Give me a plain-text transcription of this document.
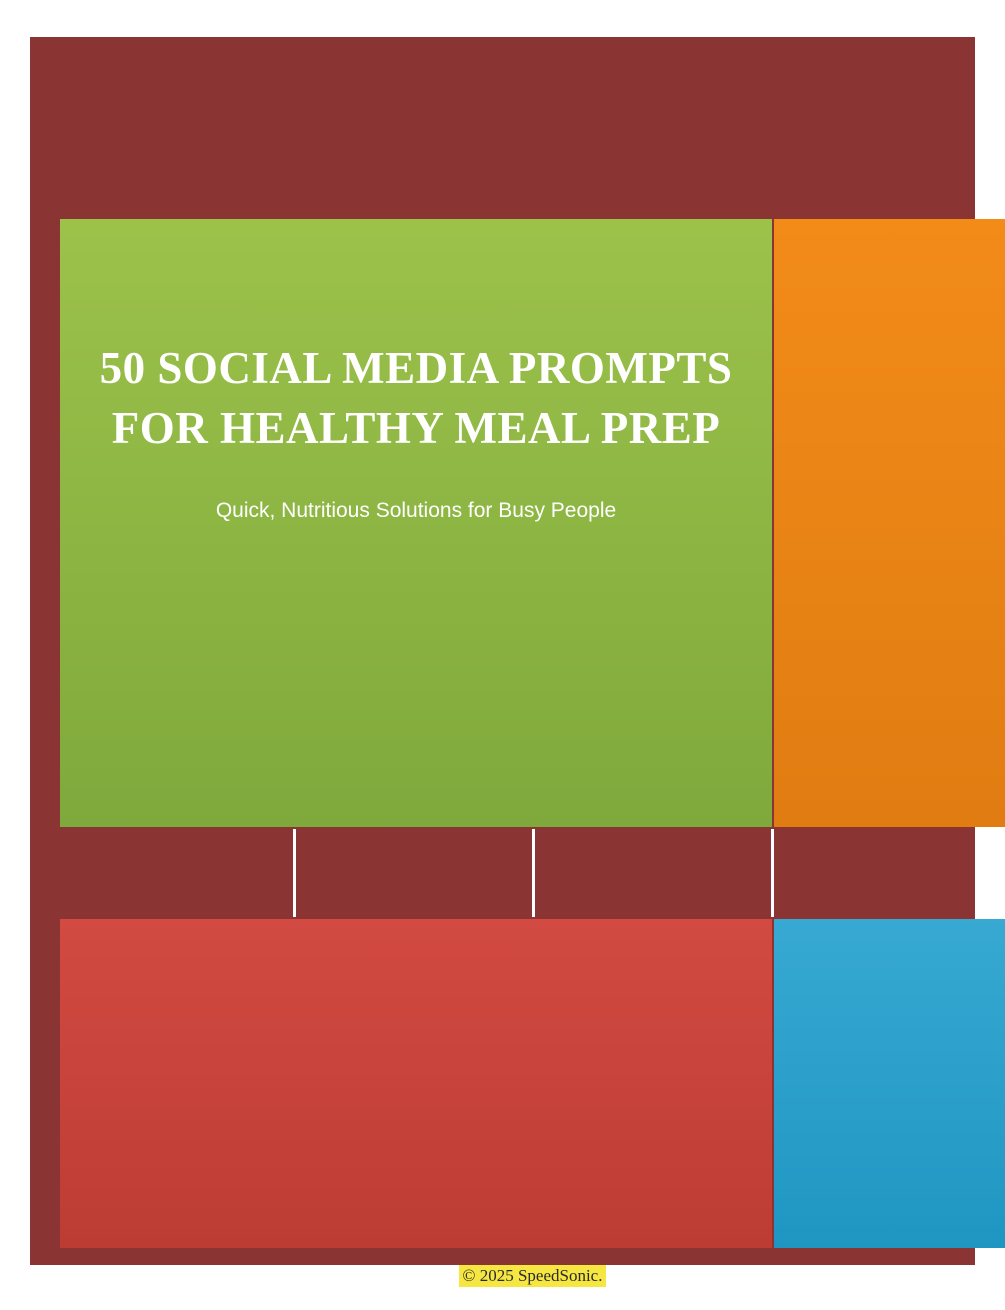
50 SOCIAL MEDIA PROMPTS FOR HEALTHY MEAL PREP
Quick, Nutritious Solutions for Busy People
© 2025 SpeedSonic.
